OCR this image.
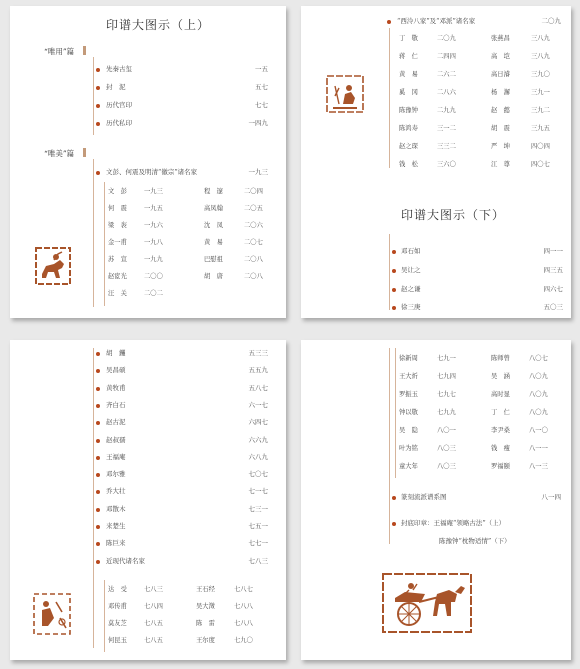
印谱大图示（上）
“唯用”篇
先秦古玺	一五
封　泥	五七
历代官印	七七
历代私印	一四九
“唯美”篇
文彭、何震及明清“徽宗”诸名家	一九三
文　彭	一九三	程　邃	二〇四
何　震	一九五	高凤翰	二〇五
梁　袠	一九六	沈　凤	二〇六
金一甫	一九八	黄　易	二〇七
苏　宣	一九九	巴慰祖	二〇八
赵宧光	二〇〇	胡　唐	二〇八
汪　关	二〇二
“西泠八家”及“邓派”诸名家	二〇九
丁　敬	二〇九	张燕昌	三八九
蒋　仁	二四四	高　垲	三八九
黄　易	二六二	高日濬	三九〇
奚　冈	二八六	杨　澥	三九一
陈豫钟	二九九	赵　懿	三九二
陈鸿寿	三一二	胡　震	三九五
赵之琛	三三二	严　坤	四〇四
钱　松	三六〇	江　尊	四〇七
印谱大图示（下）
邓石如	四一一
吴让之	四三五
赵之谦	四六七
徐三庚	五〇三
胡　钁	五三三
吴昌硕	五五九
黄牧甫	五八七
齐白石	六一七
赵古泥	六四七
赵叔孺	六六九
王福庵	六八九
邓尔雅	七〇七
乔大壮	七一七
邓散木	七三一
来楚生	七五一
陈巨来	七七一
近现代诸名家	七八三
达　受	七八三	王石经	七八七
邓传甫	七八四	吴大澂	七八八
莫友芝	七八五	陈　雷	七八八
何昆玉	七八五	王尔度	七九〇
徐新周	七九一	陈师曾	八〇七
王大炘	七九四	吴　涵	八〇九
罗振玉	七九七	高时显	八〇九
钟以敬	七九九	丁　仁	八〇九
吴　隐	八〇一	李尹桑	八一〇
叶为铭	八〇三	钱　瘦	八一一
童大年	八〇三	罗福颐	八一三
篆刻流派谱系图	八一四
封底印章：王福庵“领略古法”（上）
陈豫钟“枕物适情”（下）
